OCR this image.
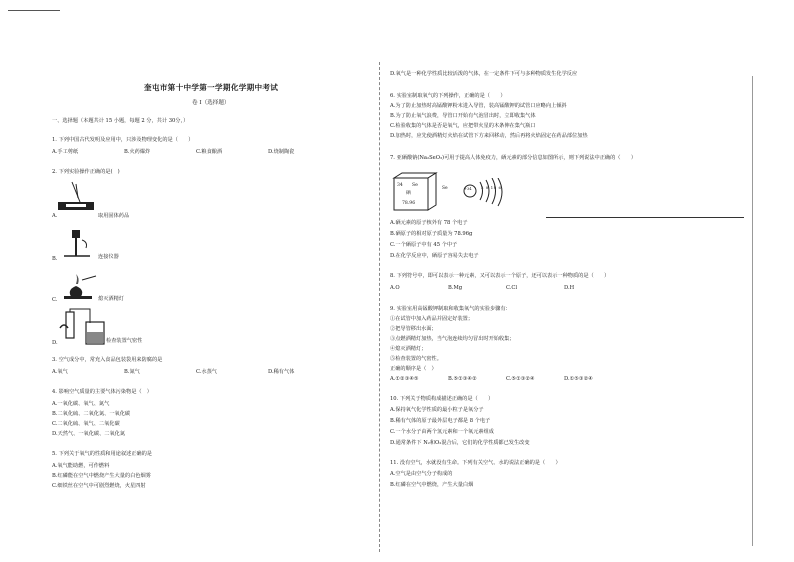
奎屯市第十中学第一学期化学期中考试
卷 I（选择题）
一、选择题（本题共计 15 小题，每题 2 分，共计 30分，）
1. 下列中国古代发明及应用中，只涉及物理变化的是（　　）
A.手工剪纸	B.火药爆炸	C.粮食酿酒	D.烧制陶瓷
2. 下列实验操作正确的是(　)
取用固体药品
A.	取用固体药品
B.	连接仪器
C.	熄灭酒精灯
D.	检查装置气密性
3. 空气成分中，常充入食品包装袋用来防腐的是
A.氧气	B.氮气	C.水蒸气	D.稀有气体
4. 影响空气质量的主要气体污染物是（　）
A.一氧化碳、氧气、氮气
B.二氧化硫、二氧化氮、一氧化碳
C.二氧化硫、氧气、二氧化碳
D.天然气、一氧化碳、二氧化氮
5. 下列关于氧气的性质和用途叙述正确的是
A.氧气能助燃，可作燃料
B.红磷能在空气中燃烧产生大量的白色烟雾
C.细铁丝在空气中可剧烈燃烧，火星四射
D.氧气是一种化学性质比较活泼的气体，在一定条件下可与多种物质发生化学反应
6. 实验室制取氧气的下列操作，正确的是（　　）
A.为了防止加热时高锰酸钾粉末进入导管，装高锰酸钾的试管口应略向上倾斜
B.为了防止氧气浪费，导管口开始有气泡冒出时，立即收集气体
C.检验收集的气体是否是氧气，应把带火星的木条伸在集气瓶口
D.加热时，应先使酒精灯火焰在试管下方来回移动，然后再将火焰固定在药品部位加热
7. 亚硒酸钠(Na₂SeO₃)可用于提高人体免疫力，硒元素的部分信息如图所示，则下列说法中正确的（　　）
34 Se
硒
78.96
Se	+34 2 8 18 6
A.硒元素的原子核外有 78 个电子
B.硒原子的相对原子质量为 78.96g
C.一个硒原子中有 45 个中子
D.在化学反应中，硒原子容易失去电子
8. 下列符号中，即可以表示一种元素，又可以表示一个原子，还可以表示一种物质的是（　　）
A.O	B.Mg	C.Cl	D.H
9. 实验室用高锰酸钾制取和收集氧气的实验步骤有：
①在试管中加入药品并固定好装置；
②把导管移出水面；
③点燃酒精灯加热，当气泡连续均匀冒出时开始收集；
④熄灭酒精灯；
⑤检查装置的气密性。
正确的顺序是（　）
A.①②③④⑤	B.⑤①③④②	C.⑤①③②④	D.①⑤③②④
10. 下列关于物质构成描述正确的是（　　）
A.保持氧气化学性质的最小粒子是氧分子
B.稀有气体的原子最外层电子都是 8 个电子
C.一个水分子由两个氢元素和一个氧元素组成
D.通常条件下 N₂和O₂混合后，它们的化学性质都已发生改变
11. 没有空气，水就没有生命。下列有关空气、水的说法正确的是（　　）
A.空气是由空气分子构成的
B.红磷在空气中燃烧，产生大量白烟
